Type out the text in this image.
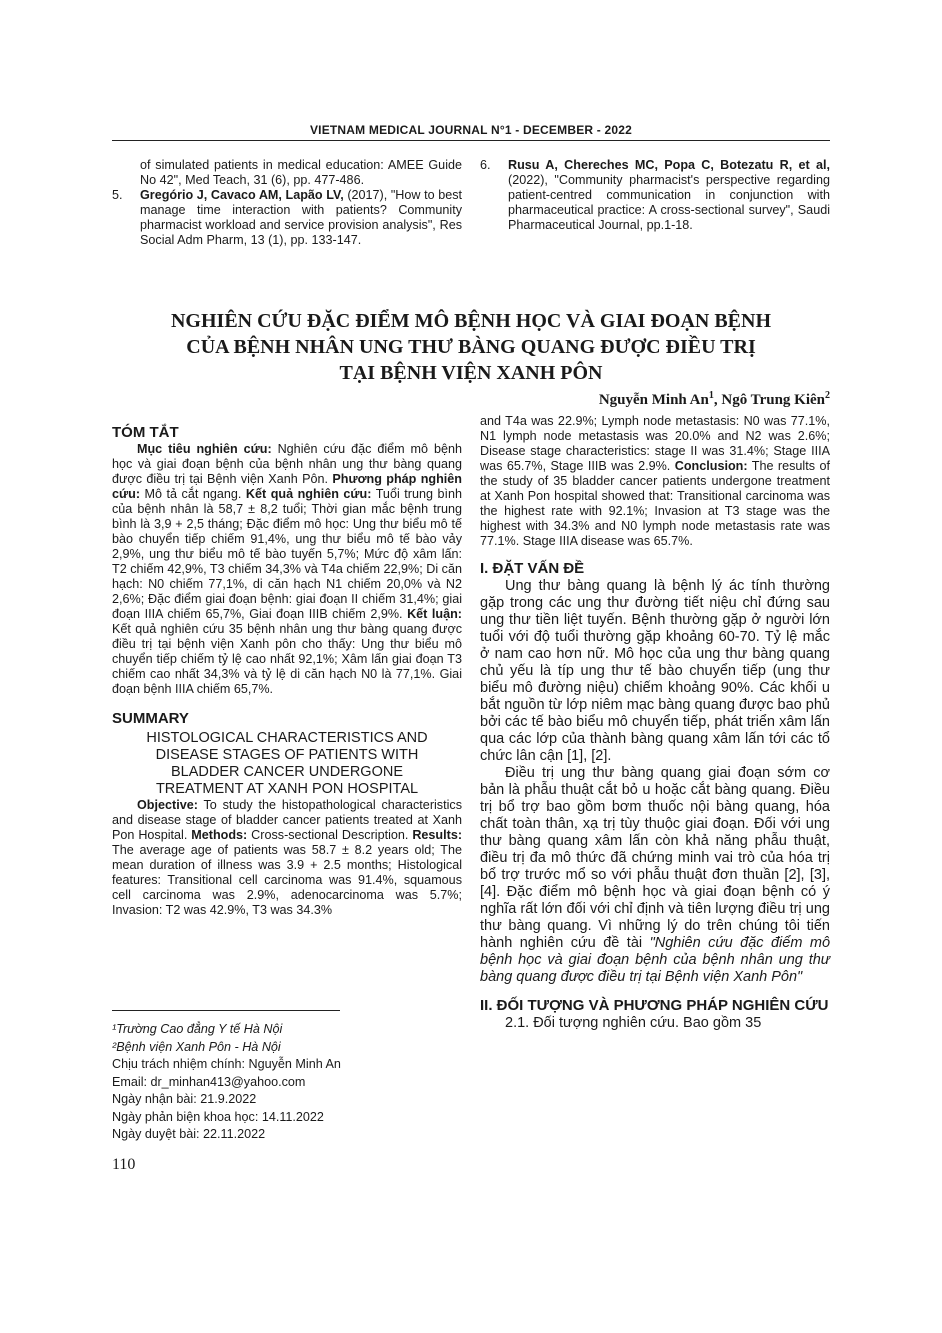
VIETNAM MEDICAL JOURNAL N°1 - DECEMBER - 2022
of simulated patients in medical education: AMEE Guide No 42", Med Teach, 31 (6), pp. 477-486.
5.	Gregório J, Cavaco AM, Lapão LV, (2017), "How to best manage time interaction with patients? Community pharmacist workload and service provision analysis", Res Social Adm Pharm, 13 (1), pp. 133-147.
6.	Rusu A, Chereches MC, Popa C, Botezatu R, et al, (2022), "Community pharmacist's perspective regarding patient-centred communication in conjunction with pharmaceutical practice: A cross-sectional survey", Saudi Pharmaceutical Journal, pp.1-18.
NGHIÊN CỨU ĐẶC ĐIỂM MÔ BỆNH HỌC VÀ GIAI ĐOẠN BỆNH
CỦA BỆNH NHÂN UNG THƯ BÀNG QUANG ĐƯỢC ĐIỀU TRỊ
TẠI BỆNH VIỆN XANH PÔN
Nguyễn Minh An$^1$, Ngô Trung Kiên$^2$
TÓM TẮT

Mục tiêu nghiên cứu: Nghiên cứu đặc điểm mô bệnh học và giai đoạn bệnh của bệnh nhân ung thư bàng quang được điều trị tại Bệnh viện Xanh Pôn. Phương pháp nghiên cứu: Mô tả cắt ngang. Kết quả nghiên cứu: Tuổi trung bình của bệnh nhân là 58,7 ± 8,2 tuổi; Thời gian mắc bệnh trung bình là 3,9 + 2,5 tháng; Đặc điểm mô học: Ung thư biểu mô tế bào chuyển tiếp chiếm 91,4%, ung thư biểu mô tế bào vảy 2,9%, ung thư biểu mô tế bào tuyến 5,7%; Mức độ xâm lấn: T2 chiếm 42,9%, T3 chiếm 34,3% và T4a chiếm 22,9%; Di căn hạch: N0 chiếm 77,1%, di căn hạch N1 chiếm 20,0% và N2 2,6%; Đặc điểm giai đoạn bệnh: giai đoạn II chiếm 31,4%; giai đoạn IIIA chiếm 65,7%, Giai đoạn IIIB chiếm 2,9%. Kết luận: Kết quả nghiên cứu 35 bệnh nhân ung thư bàng quang được điều trị tại bệnh viện Xanh pôn cho thấy: Ung thư biểu mô chuyển tiếp chiếm tỷ lệ cao nhất 92,1%; Xâm lấn giai đoạn T3 chiếm cao nhất 34,3% và tỷ lệ di căn hạch N0 là 77,1%. Giai đoạn bệnh IIIA chiếm 65,7%.

SUMMARY
HISTOLOGICAL CHARACTERISTICS AND
DISEASE STAGES OF PATIENTS WITH
BLADDER CANCER UNDERGONE
TREATMENT AT XANH PON HOSPITAL

Objective: To study the histopathological characteristics and disease stage of bladder cancer patients treated at Xanh Pon Hospital. Methods: Cross-sectional Description. Results: The average age of patients was 58.7 ± 8.2 years old; The mean duration of illness was 3.9 + 2.5 months; Histological features: Transitional cell carcinoma was 91.4%, squamous cell carcinoma was 2.9%, adenocarcinoma was 5.7%; Invasion: T2 was 42.9%, T3 was 34.3%

and T4a was 22.9%; Lymph node metastasis: N0 was 77.1%, N1 lymph node metastasis was 20.0% and N2 was 2.6%; Disease stage characteristics: stage II was 31.4%; Stage IIIA was 65.7%, Stage IIIB was 2.9%. Conclusion: The results of the study of 35 bladder cancer patients undergone treatment at Xanh Pon hospital showed that: Transitional carcinoma was the highest rate with 92.1%; Invasion at T3 stage was the highest with 34.3% and N0 lymph node metastasis rate was 77.1%. Stage IIIA disease was 65.7%.

I. ĐẶT VẤN ĐỀ

Ung thư bàng quang là bệnh lý ác tính thường gặp trong các ung thư đường tiết niệu chỉ đứng sau ung thư tiền liệt tuyến. Bệnh thường gặp ở người lớn tuổi với độ tuổi thường gặp khoảng 60-70. Tỷ lệ mắc ở nam cao hơn nữ. Mô học của ung thư bàng quang chủ yếu là típ ung thư tế bào chuyển tiếp (ung thư biểu mô đường niệu) chiếm khoảng 90%. Các khối u bắt nguồn từ lớp niêm mạc bàng quang được bao phủ bởi các tế bào biểu mô chuyển tiếp, phát triển xâm lấn qua các lớp của thành bàng quang xâm lấn tới các tổ chức lân cận [1], [2].

Điều trị ung thư bàng quang giai đoạn sớm cơ bản là phẫu thuật cắt bỏ u hoặc cắt bàng quang. Điều trị bổ trợ bao gồm bơm thuốc nội bàng quang, hóa chất toàn thân, xạ trị tùy thuộc giai đoạn. Đối với ung thư bàng quang xâm lấn còn khả năng phẫu thuật, điều trị đa mô thức đã chứng minh vai trò của hóa trị bổ trợ trước mổ so với phẫu thuật đơn thuần [2], [3], [4]. Đặc điểm mô bệnh học và giai đoạn bệnh có ý nghĩa rất lớn đối với chỉ định và tiên lượng điều trị ung thư bàng quang. Vì những lý do trên chúng tôi tiến hành nghiên cứu đề tài "Nghiên cứu đặc điểm mô bệnh học và giai đoạn bệnh của bệnh nhân ung thư bàng quang được điều trị tại Bệnh viện Xanh Pôn"

II. ĐỐI TƯỢNG VÀ PHƯƠNG PHÁP NGHIÊN CỨU

2.1. Đối tượng nghiên cứu. Bao gồm 35

¹Trường Cao đẳng Y tế Hà Nội
²Bệnh viện Xanh Pôn - Hà Nội
Chịu trách nhiệm chính: Nguyễn Minh An
Email: dr_minhan413@yahoo.com
Ngày nhận bài: 21.9.2022
Ngày phản biện khoa học: 14.11.2022
Ngày duyệt bài: 22.11.2022
110
